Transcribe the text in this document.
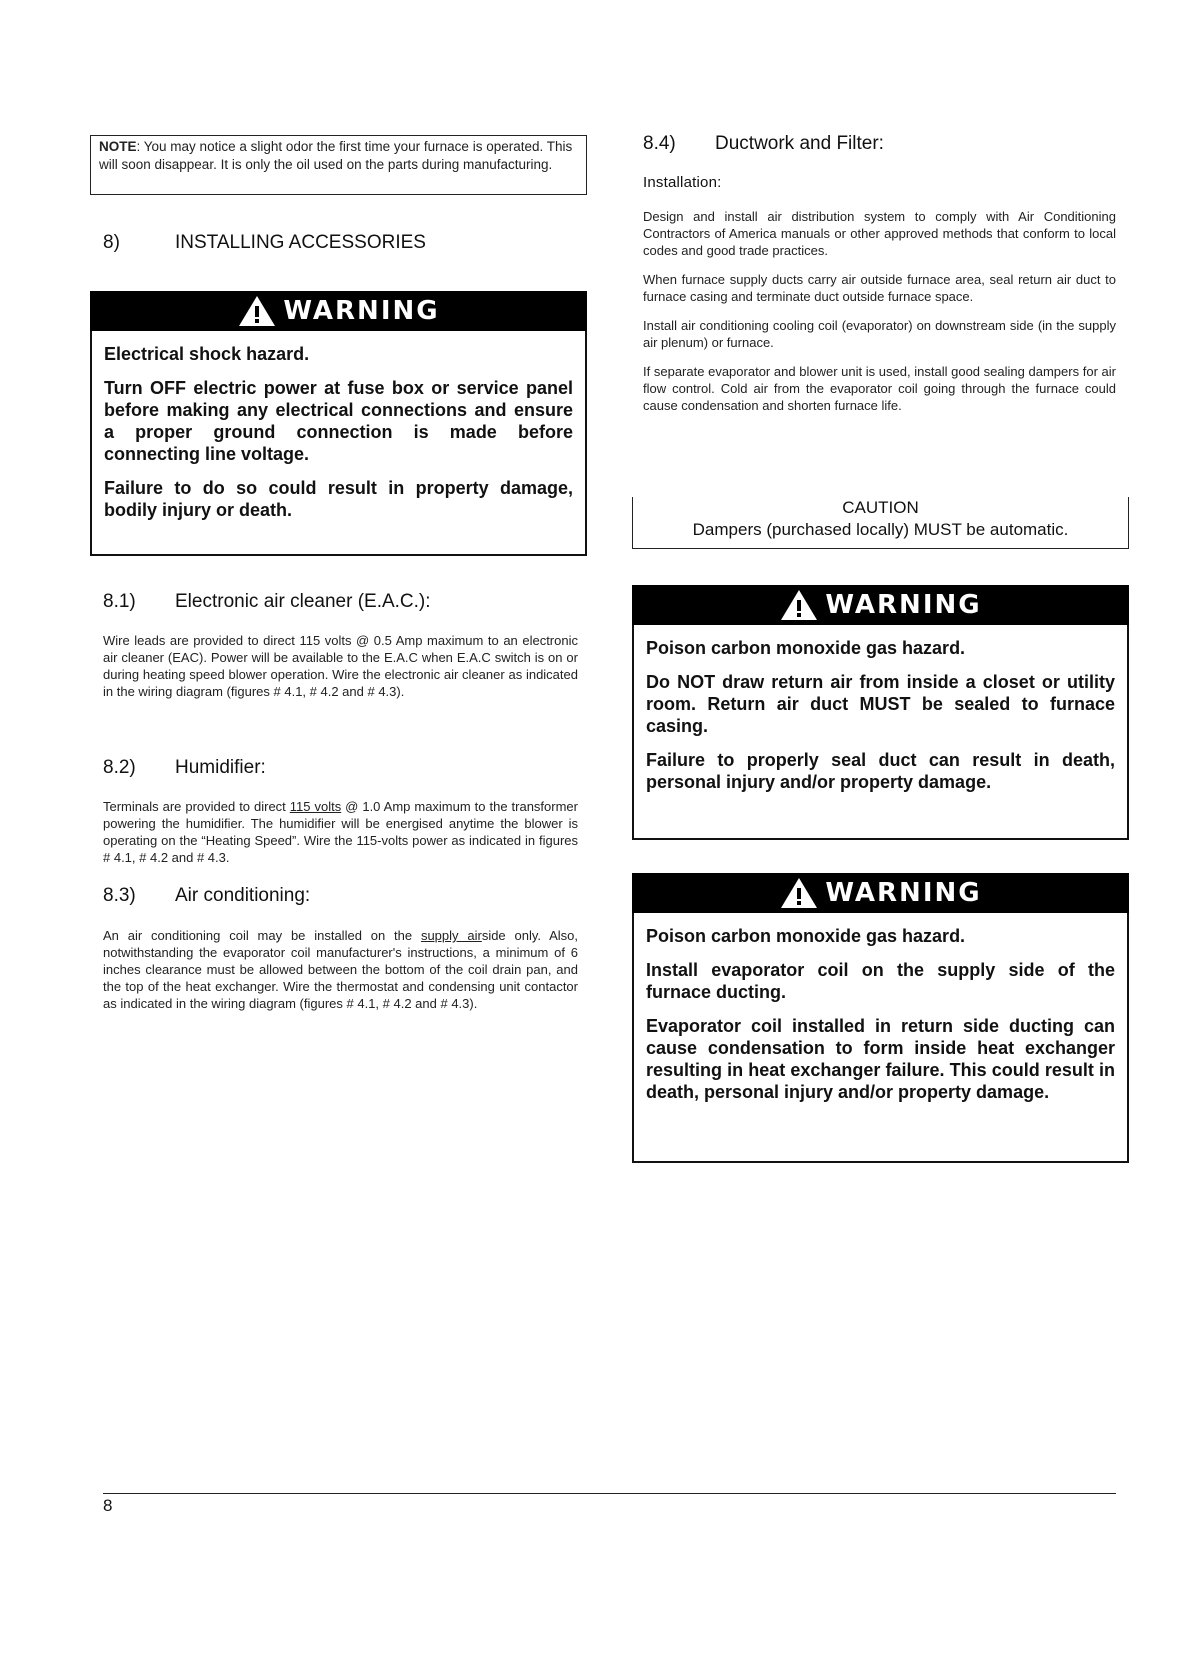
NOTE: You may notice a slight odor the first time your furnace is operated. This will soon disappear. It is only the oil used on the parts during manufacturing.
8)	INSTALLING ACCESSORIES
WARNING

Electrical shock hazard.

Turn OFF electric power at fuse box or service panel before making any electrical connections and ensure a proper ground connection is made before connecting line voltage.

Failure to do so could result in property damage, bodily injury or death.

8.1) Electronic air cleaner (E.A.C.):

Wire leads are provided to direct 115 volts @ 0.5 Amp maximum to an electronic air cleaner (EAC). Power will be available to the E.A.C when E.A.C switch is on or during heating speed blower operation. Wire the electronic air cleaner as indicated in the wiring diagram (figures # 4.1, # 4.2 and # 4.3).

8.2) Humidifier:

Terminals are provided to direct 115 volts @ 1.0 Amp maximum to the transformer powering the humidifier. The humidifier will be energised anytime the blower is operating on the “Heating Speed”. Wire the 115-volts power as indicated in figures # 4.1, # 4.2 and # 4.3.

8.3) Air conditioning:

An air conditioning coil may be installed on the supply airside only. Also, notwithstanding the evaporator coil manufacturer's instructions, a minimum of 6 inches clearance must be allowed between the bottom of the coil drain pan, and the top of the heat exchanger. Wire the thermostat and condensing unit contactor as indicated in the wiring diagram (figures # 4.1, # 4.2 and # 4.3).

8.4) Ductwork and Filter:
Installation:

Design and install air distribution system to comply with Air Conditioning Contractors of America manuals or other approved methods that conform to local codes and good trade practices.

When furnace supply ducts carry air outside furnace area, seal return air duct to furnace casing and terminate duct outside furnace space.

Install air conditioning cooling coil (evaporator) on downstream side (in the supply air plenum) or furnace.

If separate evaporator and blower unit is used, install good sealing dampers for air flow control. Cold air from the evaporator coil going through the furnace could cause condensation and shorten furnace life.

CAUTION
Dampers (purchased locally) MUST be automatic.
WARNING

Poison carbon monoxide gas hazard.

Do NOT draw return air from inside a closet or utility room. Return air duct MUST be sealed to furnace casing.

Failure to properly seal duct can result in death, personal injury and/or property damage.

WARNING

Poison carbon monoxide gas hazard.

Install evaporator coil on the supply side of the furnace ducting.

Evaporator coil installed in return side ducting can cause condensation to form inside heat exchanger resulting in heat exchanger failure. This could result in death, personal injury and/or property damage.

8
